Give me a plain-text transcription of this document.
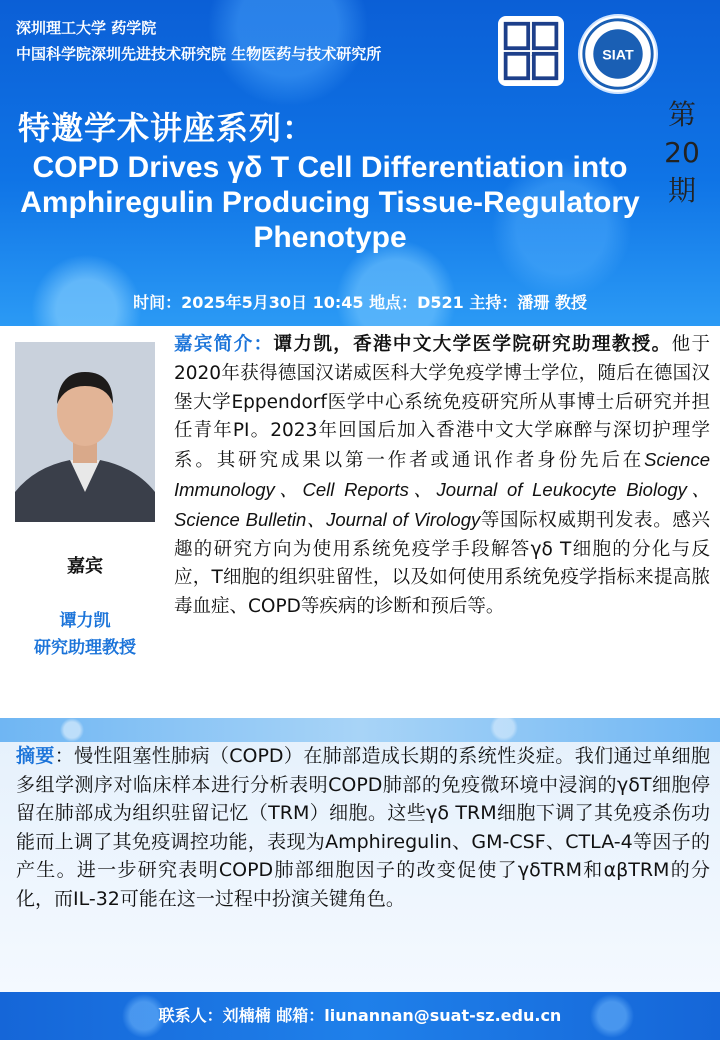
深圳理工大学 药学院
中国科学院深圳先进技术研究院 生物医药与技术研究所	SUAT	SIAT
特邀学术讲座系列：
COPD Drives γδ T Cell Differentiation into Amphiregulin Producing Tissue-Regulatory Phenotype
第
20
期
时间：2025年5月30日 10:45 地点：D521 主持：潘珊 教授
嘉宾
谭力凯
研究助理教授
嘉宾简介：谭力凯，香港中文大学医学院研究助理教授。他于2020年获得德国汉诺威医科大学免疫学博士学位，随后在德国汉堡大学Eppendorf医学中心系统免疫研究所从事博士后研究并担任青年PI。2023年回国后加入香港中文大学麻醉与深切护理学系。其研究成果以第一作者或通讯作者身份先后在Science Immunology、Cell Reports、Journal of Leukocyte Biology、Science Bulletin、Journal of Virology等国际权威期刊发表。感兴趣的研究方向为使用系统免疫学手段解答γδ T细胞的分化与反应，T细胞的组织驻留性，以及如何使用系统免疫学指标来提高脓毒血症、COPD等疾病的诊断和预后等。
摘要：慢性阻塞性肺病（COPD）在肺部造成长期的系统性炎症。我们通过单细胞多组学测序对临床样本进行分析表明COPD肺部的免疫微环境中浸润的γδT细胞停留在肺部成为组织驻留记忆（TRM）细胞。这些γδ TRM细胞下调了其免疫杀伤功能而上调了其免疫调控功能，表现为Amphiregulin、GM-CSF、CTLA-4等因子的产生。进一步研究表明COPD肺部细胞因子的改变促使了γδTRM和αβTRM的分化，而IL-32可能在这一过程中扮演关键角色。
联系人：刘楠楠 邮箱：liunannan@suat-sz.edu.cn
